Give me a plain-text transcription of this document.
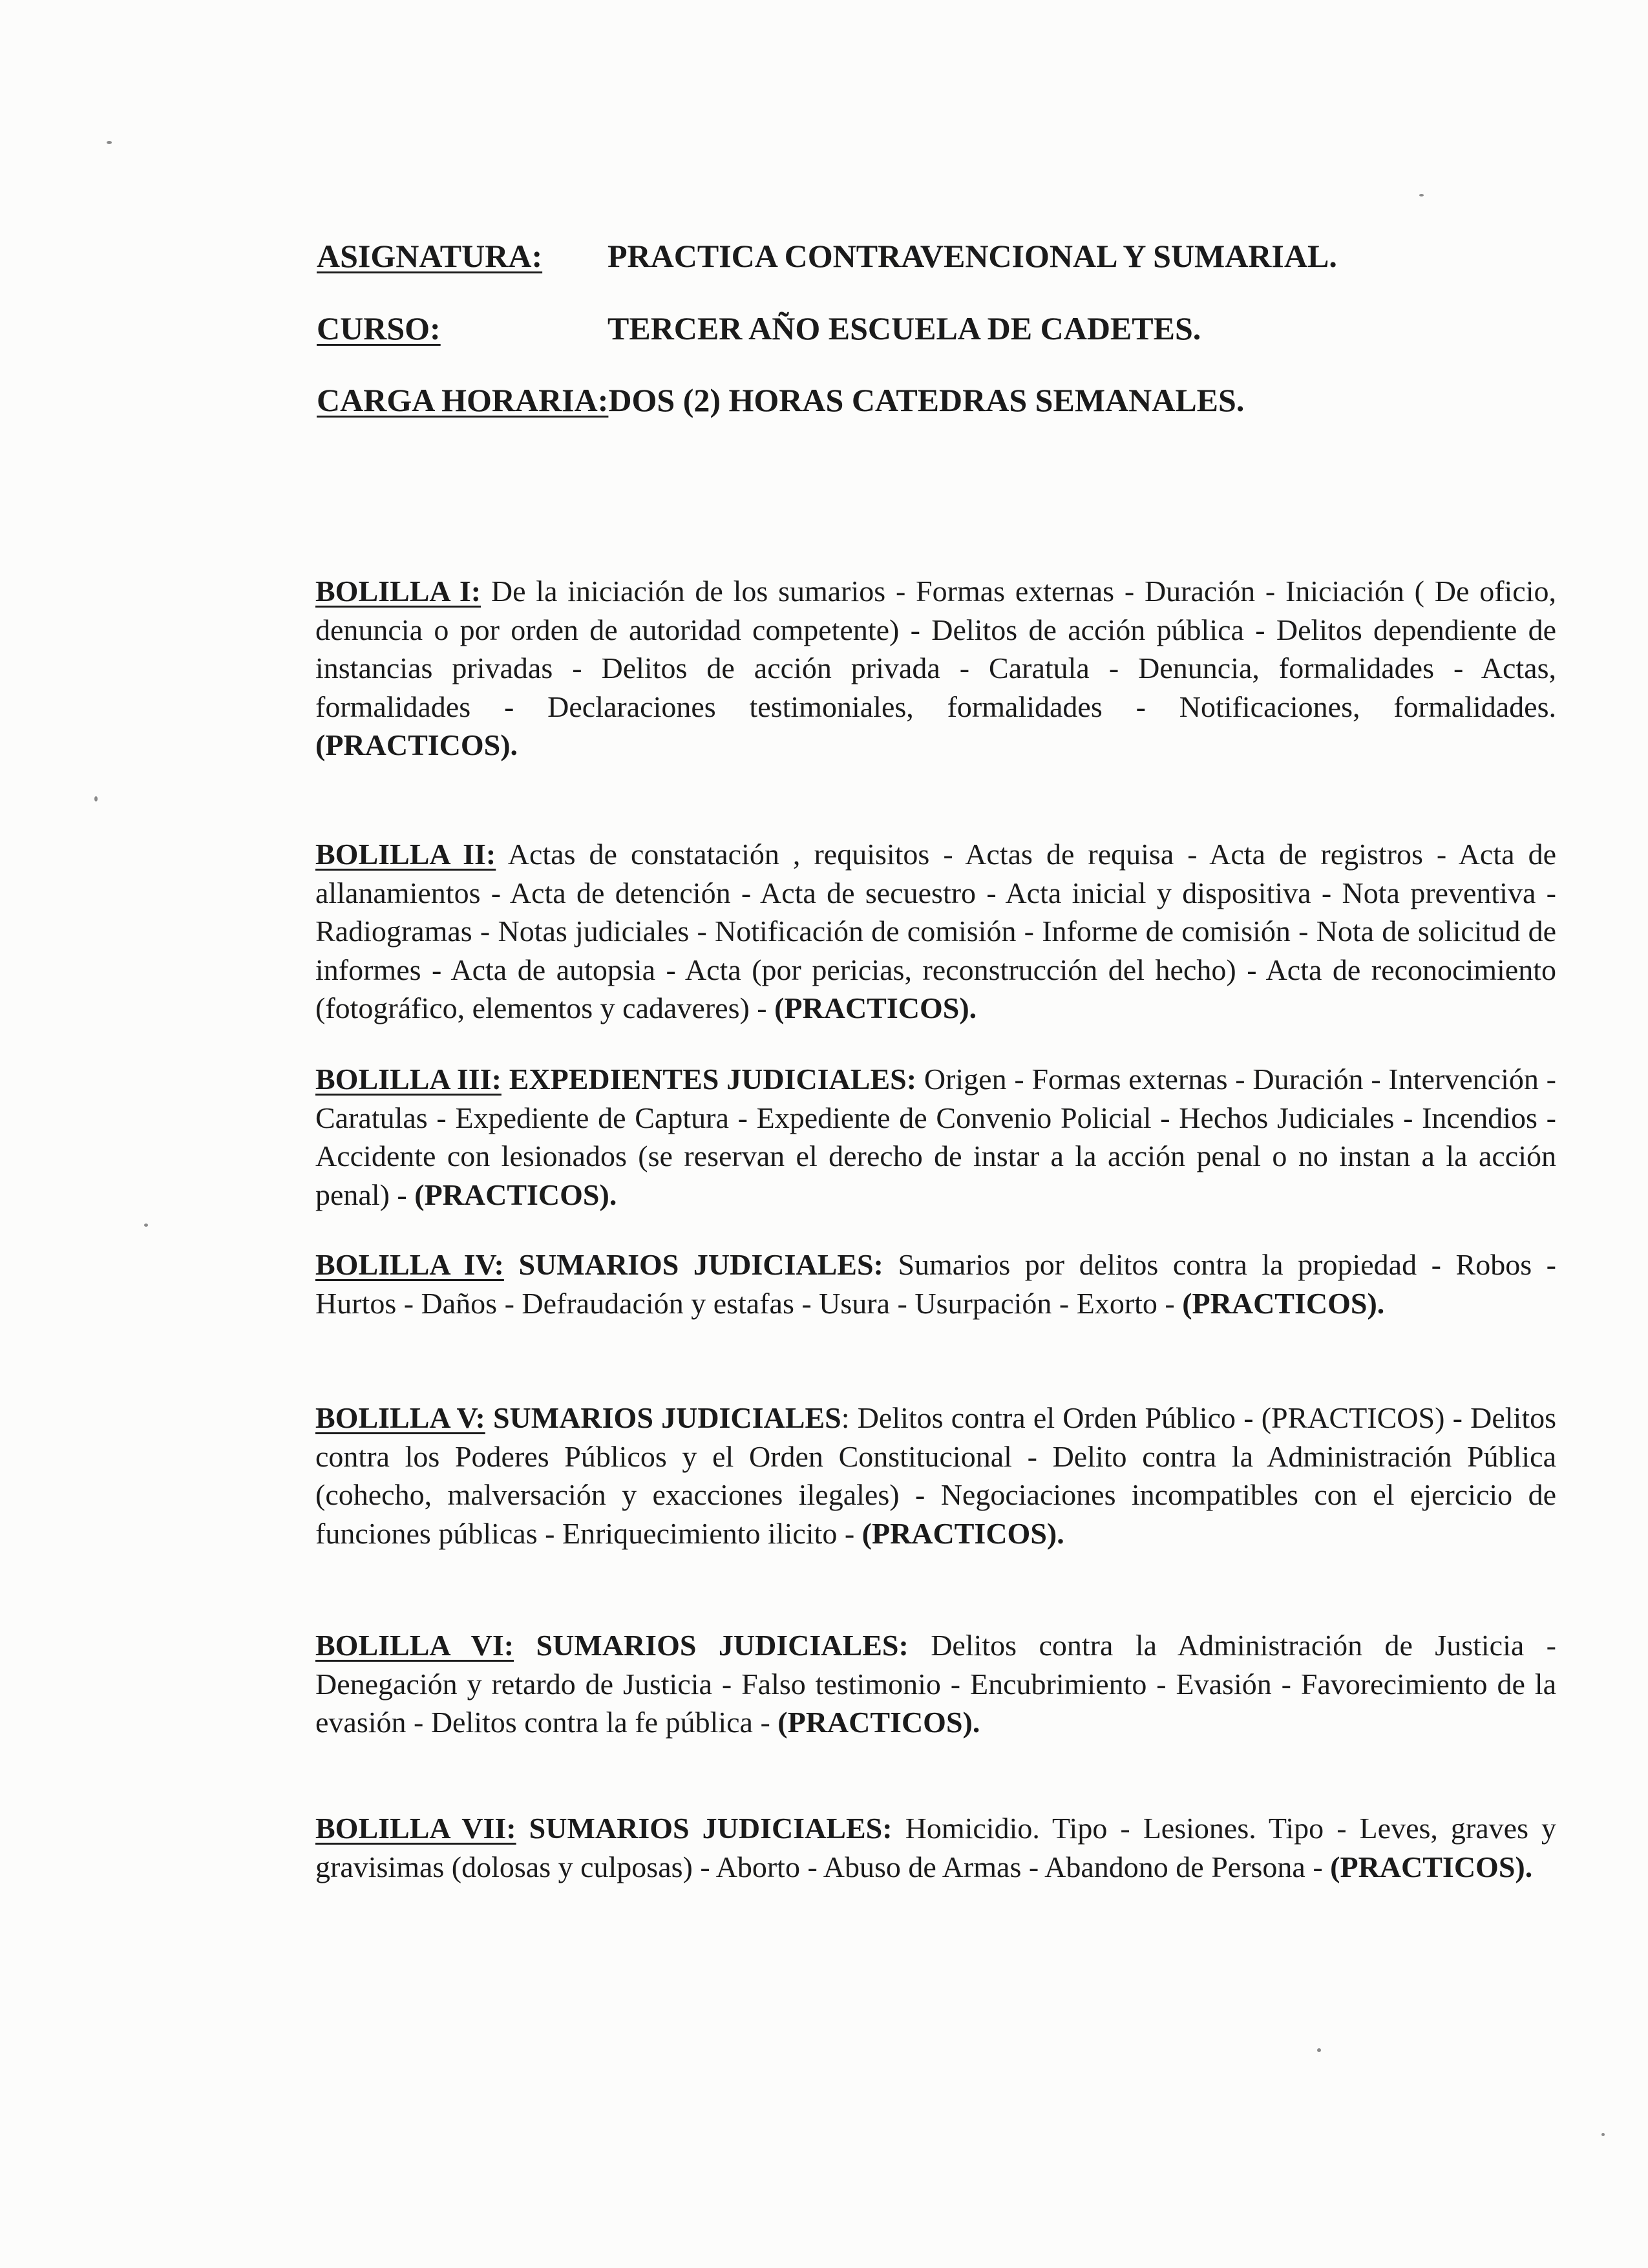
ASIGNATURA: PRACTICA CONTRAVENCIONAL Y SUMARIAL.
CURSO:	TERCER AÑO ESCUELA DE CADETES.
CARGA HORARIA:DOS (2) HORAS CATEDRAS SEMANALES.
BOLILLA I: De la iniciación de los sumarios - Formas externas - Duración - Iniciación ( De oficio, denuncia o por orden de autoridad competente) - Delitos de acción pública - Delitos dependiente de instancias privadas - Delitos de acción privada - Caratula - Denuncia, formalidades - Actas, formalidades - Declaraciones testimoniales, formalidades - Notificaciones, formalidades. (PRACTICOS).
BOLILLA II: Actas de constatación , requisitos - Actas de requisa - Acta de registros - Acta de allanamientos - Acta de detención - Acta de secuestro - Acta inicial y dispositiva - Nota preventiva - Radiogramas - Notas judiciales - Notificación de comisión - Informe de comisión - Nota de solicitud de informes - Acta de autopsia - Acta (por pericias, reconstrucción del hecho) - Acta de reconocimiento (fotográfico, elementos y cadaveres) - (PRACTICOS).
BOLILLA III: EXPEDIENTES JUDICIALES: Origen - Formas externas - Duración - Intervención - Caratulas - Expediente de Captura - Expediente de Convenio Policial - Hechos Judiciales - Incendios - Accidente con lesionados (se reservan el derecho de instar a la acción penal o no instan a la acción penal) - (PRACTICOS).
BOLILLA IV: SUMARIOS JUDICIALES: Sumarios por delitos contra la propiedad - Robos - Hurtos - Daños - Defraudación y estafas - Usura - Usurpación - Exorto - (PRACTICOS).
BOLILLA V: SUMARIOS JUDICIALES: Delitos contra el Orden Público - (PRACTICOS) - Delitos contra los Poderes Públicos y el Orden Constitucional - Delito contra la Administración Pública (cohecho, malversación y exacciones ilegales) - Negociaciones incompatibles con el ejercicio de funciones públicas - Enriquecimiento ilicito - (PRACTICOS).
BOLILLA VI: SUMARIOS JUDICIALES: Delitos contra la Administración de Justicia - Denegación y retardo de Justicia - Falso testimonio - Encubrimiento - Evasión - Favorecimiento de la evasión - Delitos contra la fe pública - (PRACTICOS).
BOLILLA VII: SUMARIOS JUDICIALES: Homicidio. Tipo - Lesiones. Tipo - Leves, graves y gravisimas (dolosas y culposas) - Aborto - Abuso de Armas - Abandono de Persona - (PRACTICOS).
